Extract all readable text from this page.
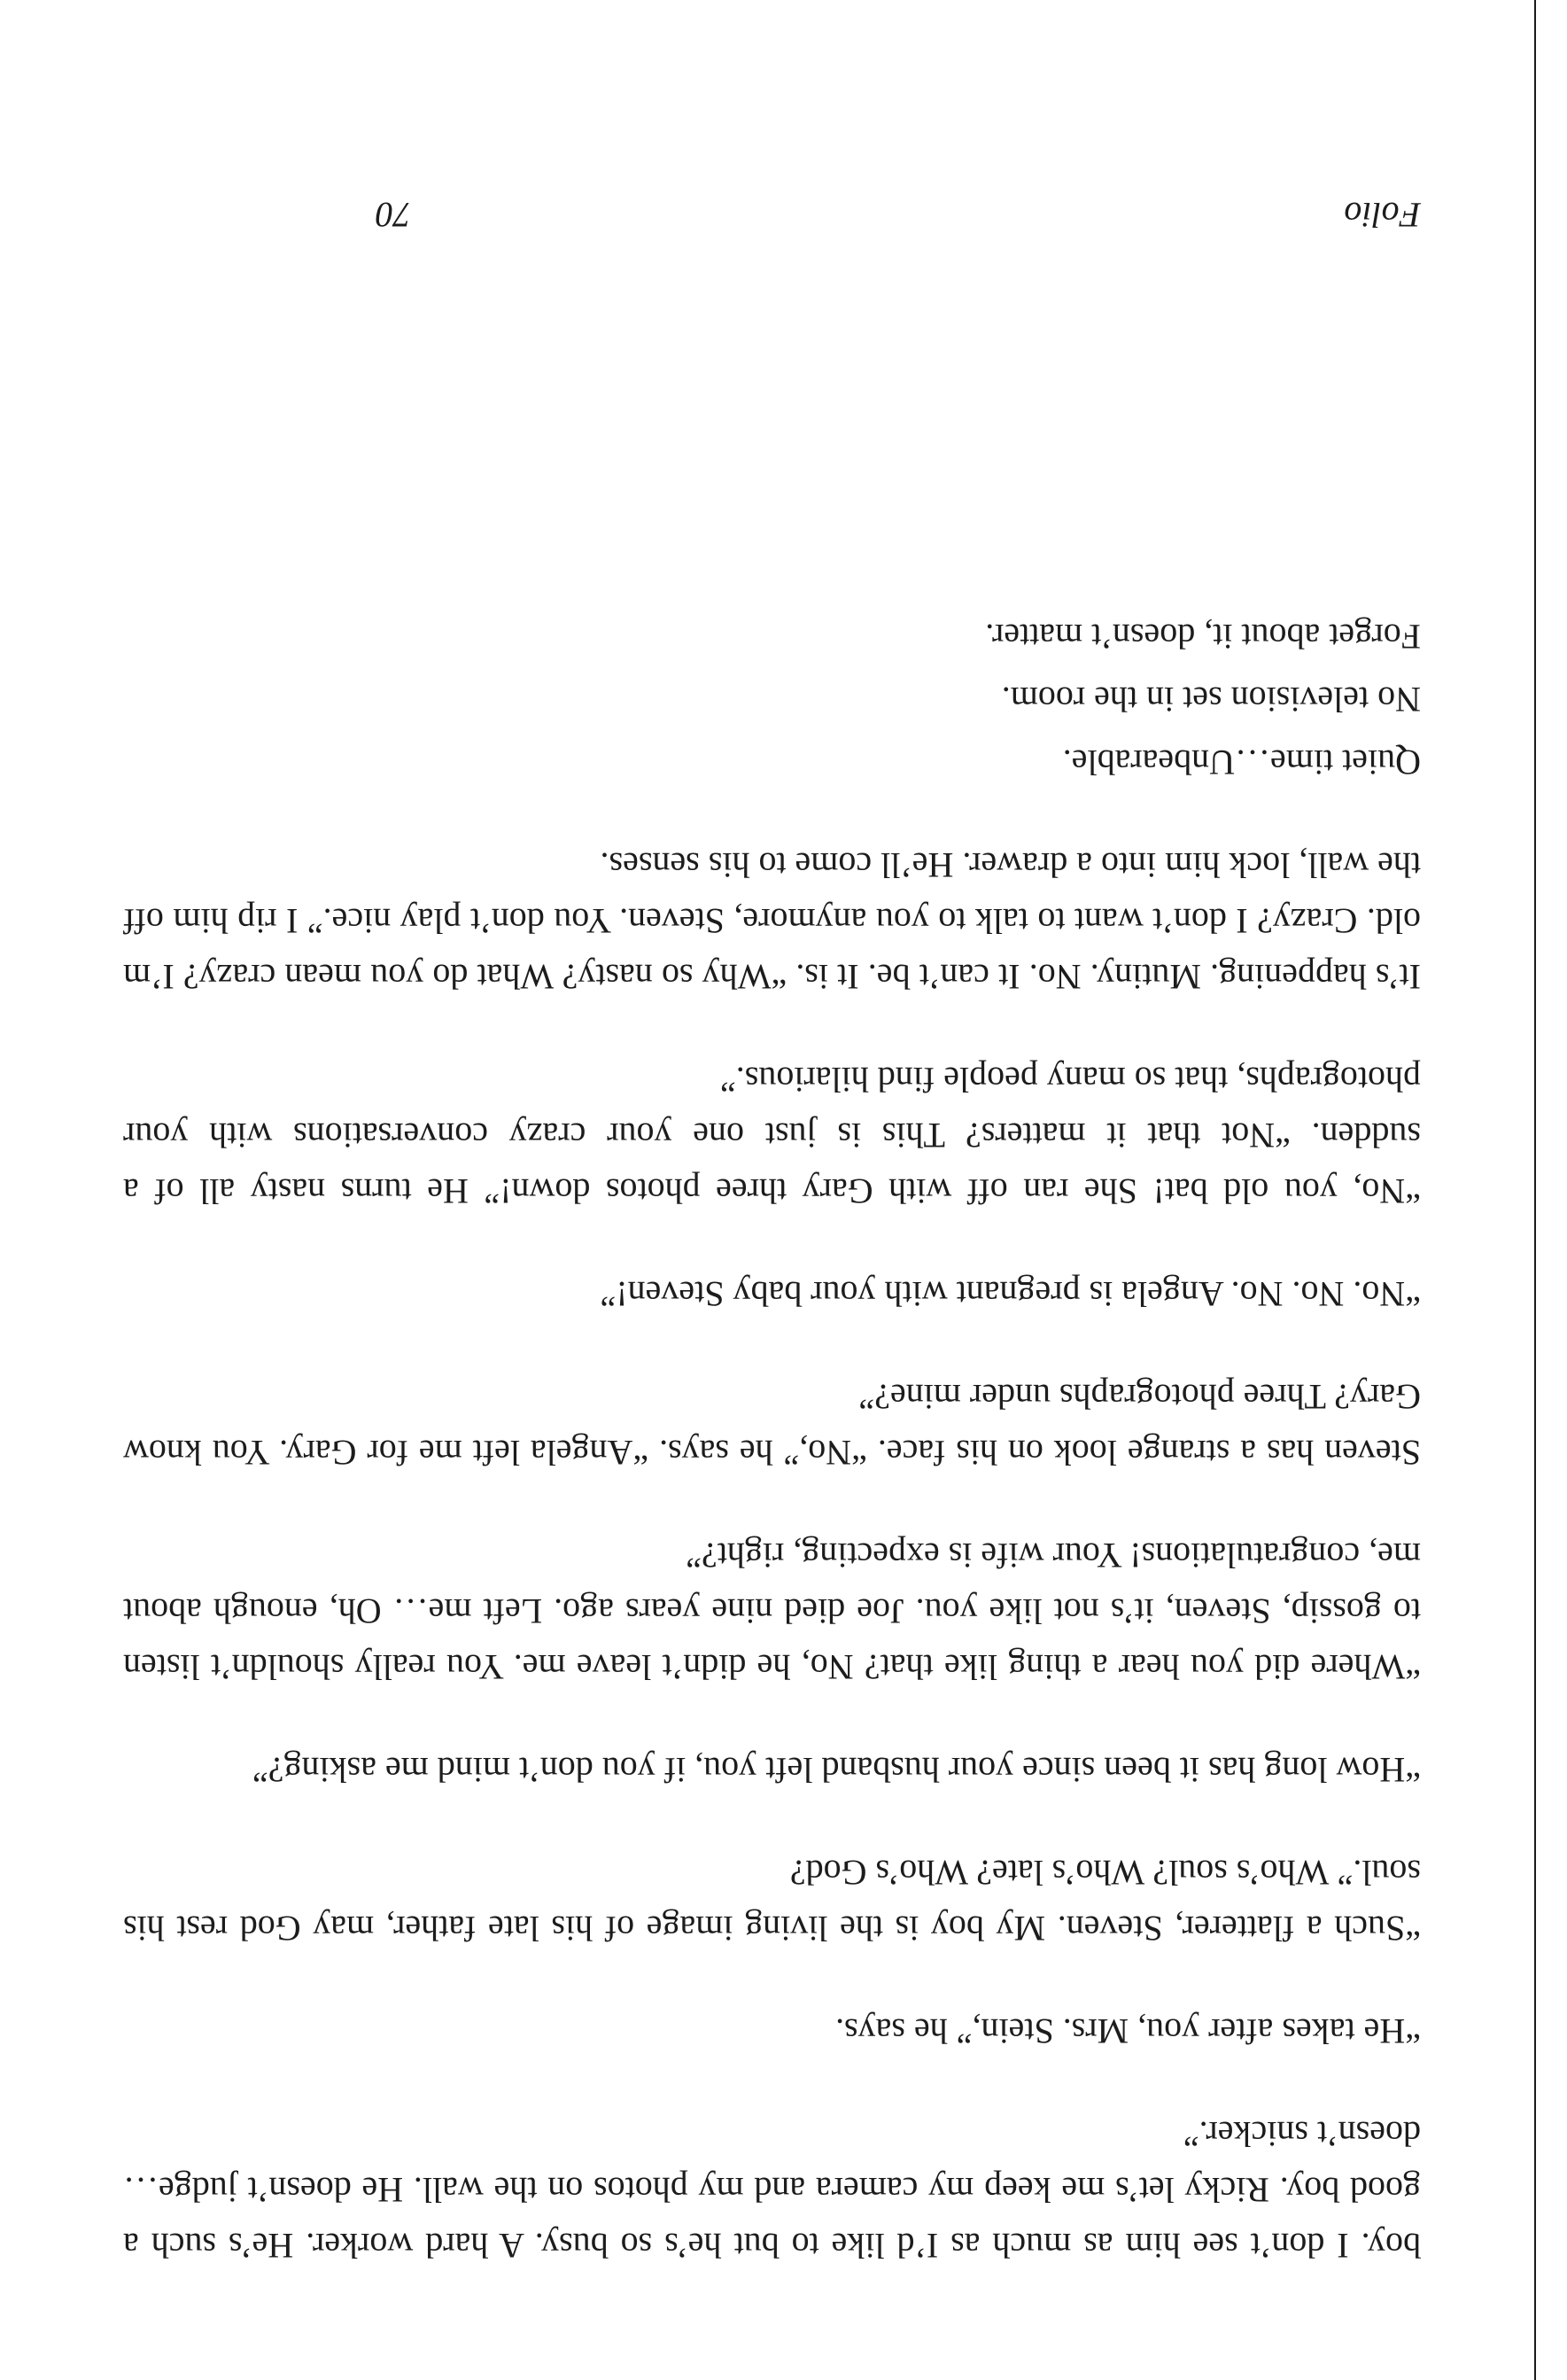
boy. I don’t see him as much as I’d like to but he’s so busy. A hard worker. He’s such a good boy. Ricky let’s me keep my camera and my photos on the wall. He doesn’t judge…doesn’t snicker.”

“He takes after you, Mrs. Stein,” he says.

“Such a flatterer, Steven. My boy is the living image of his late father, may God rest his soul.” Who’s soul? Who’s late? Who’s God?

“How long has it been since your husband left you, if you don’t mind me asking?”

“Where did you hear a thing like that? No, he didn’t leave me. You really shouldn’t listen to gossip, Steven, it’s not like you. Joe died nine years ago. Left me… Oh, enough about me, congratulations! Your wife is expecting, right?”

Steven has a strange look on his face. “No,” he says. “Angela left me for Gary. You know Gary? Three photographs under mine?”

“No. No. No. Angela is pregnant with your baby Steven!”

“No, you old bat! She ran off with Gary three photos down!” He turns nasty all of a sudden. “Not that it matters? This is just one your crazy conversations with your photographs, that so many people find hilarious.”

It’s happening. Mutiny. No. It can’t be. It is. “Why so nasty? What do you mean crazy? I’m old. Crazy? I don’t want to talk to you anymore, Steven. You don’t play nice.” I rip him off the wall, lock him into a drawer. He’ll come to his senses.

Quiet time…Unbearable.

No television set in the room.

Forget about it, doesn’t matter.

Folio
70
